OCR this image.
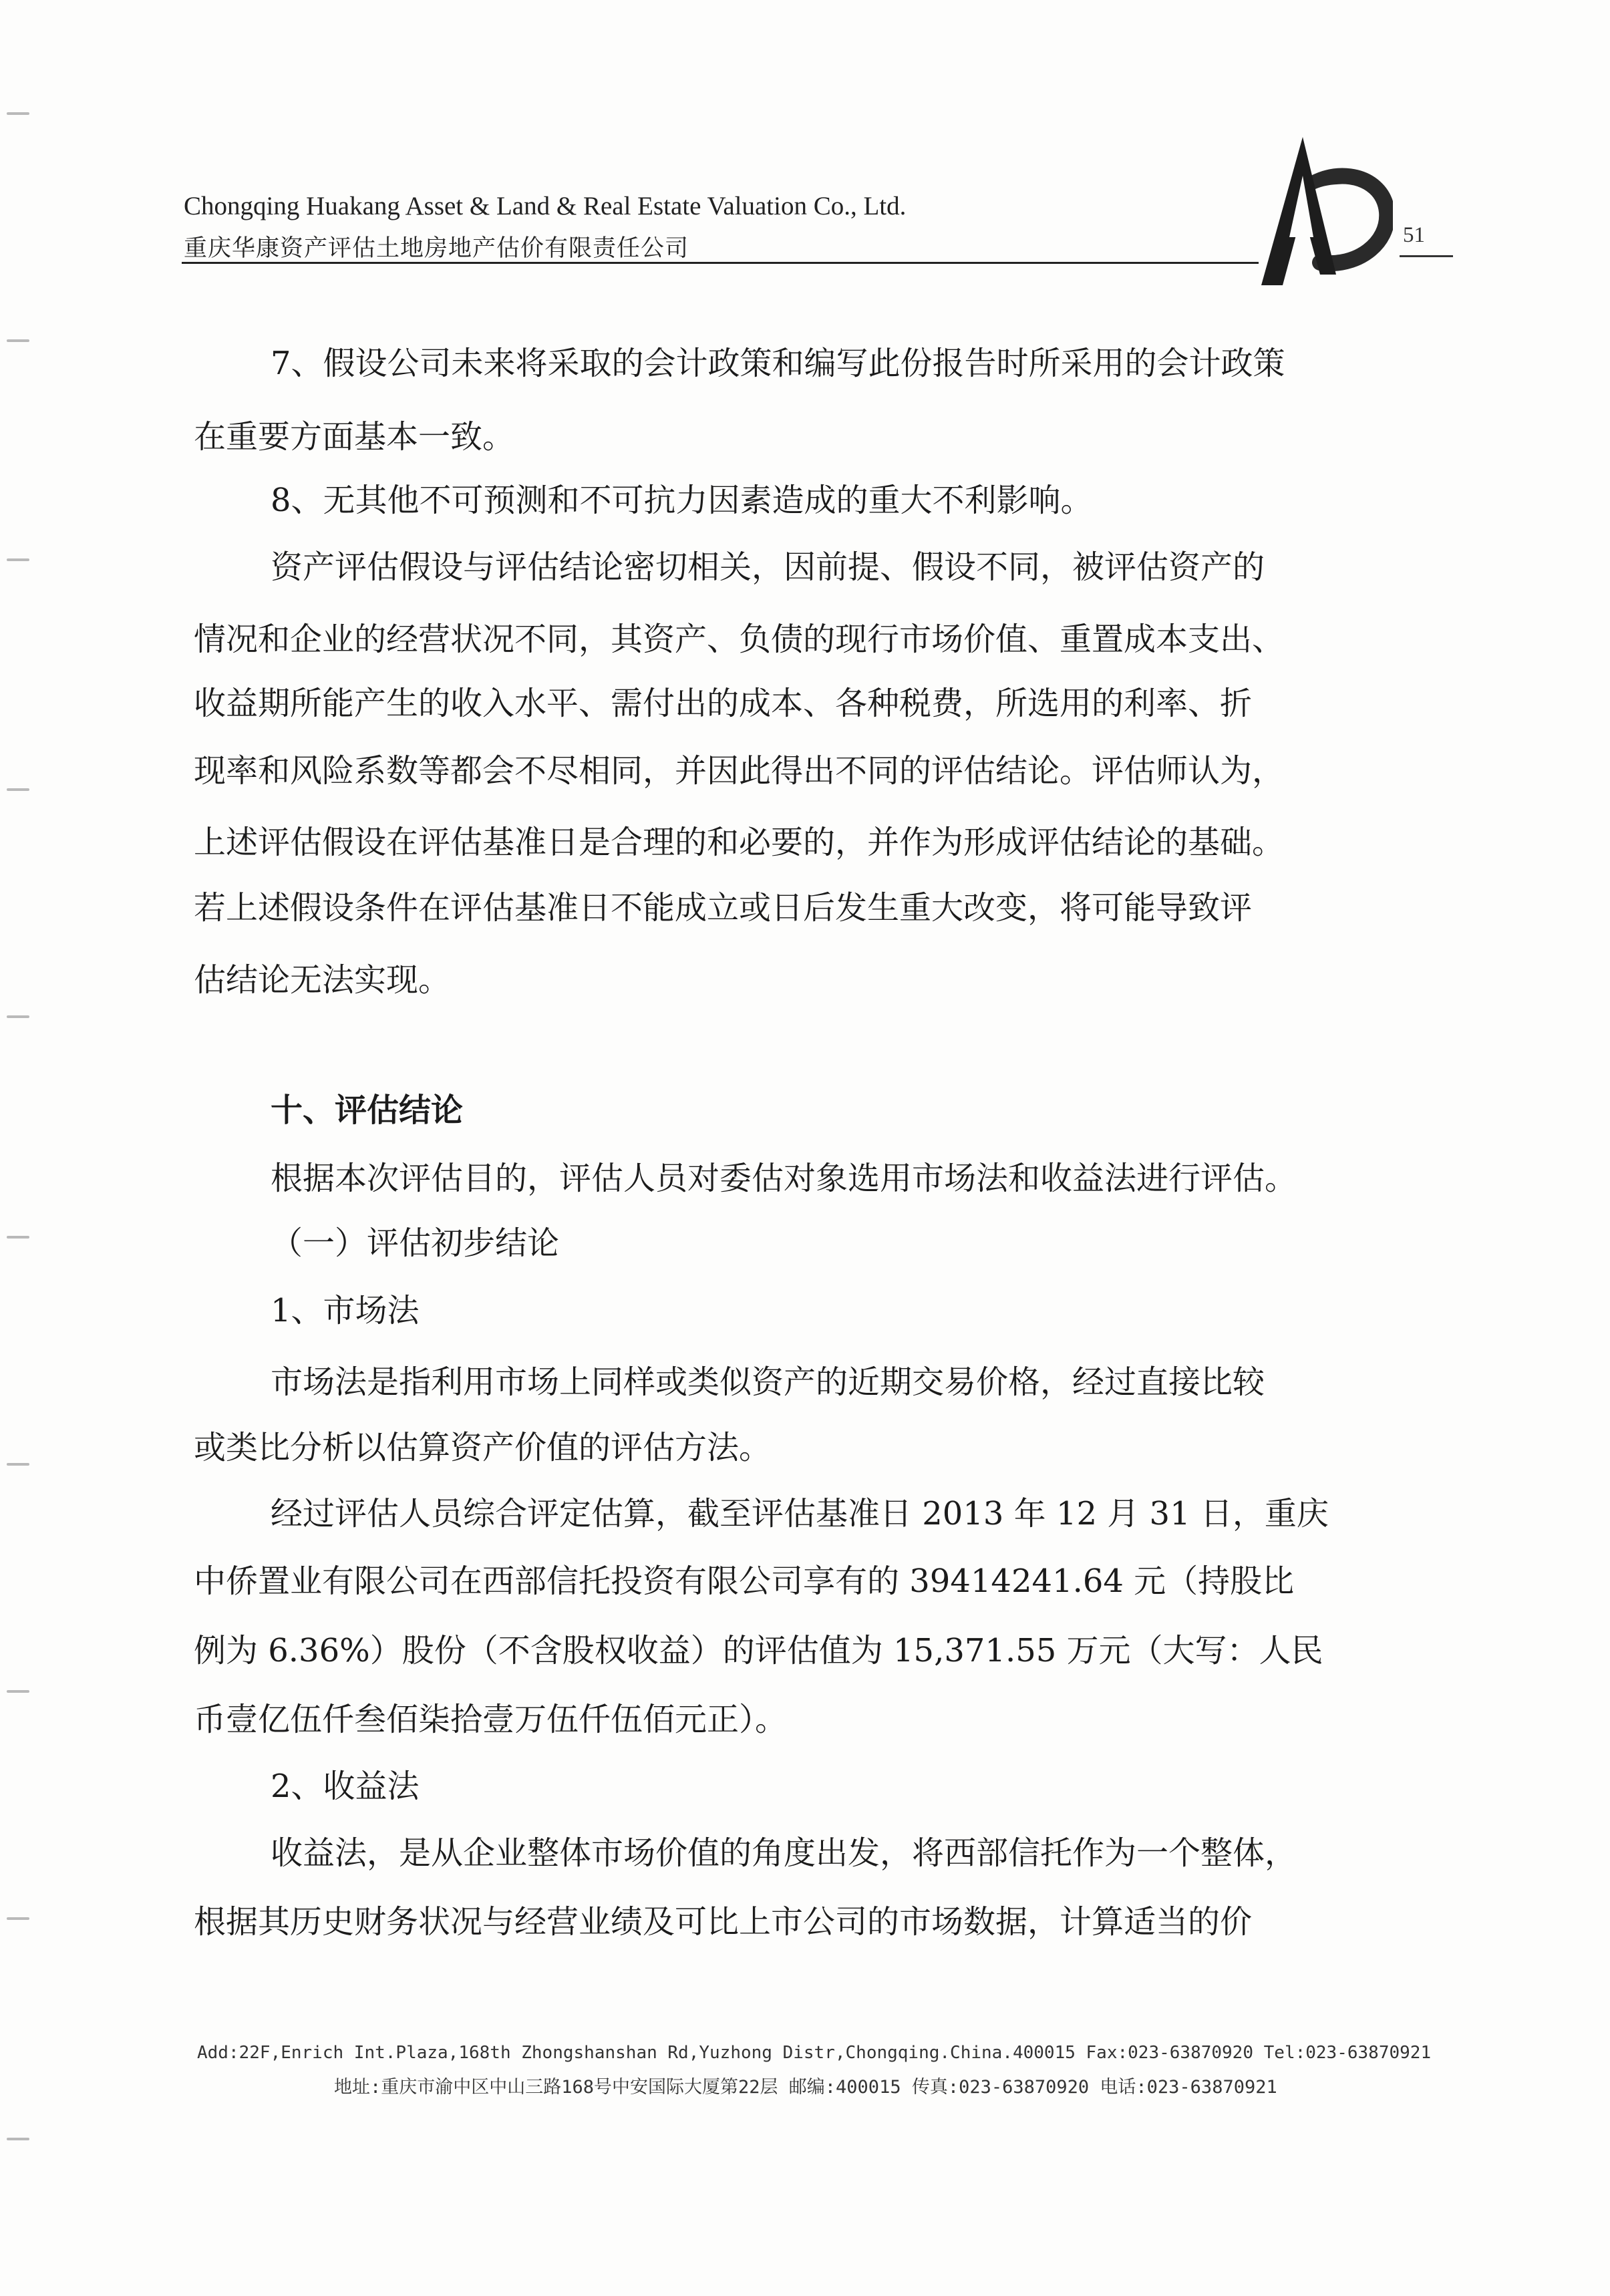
Chongqing Huakang Asset & Land & Real Estate Valuation Co., Ltd.
重庆华康资产评估土地房地产估价有限责任公司	51
7、假设公司未来将采取的会计政策和编写此份报告时所采用的会计政策
在重要方面基本一致。
8、无其他不可预测和不可抗力因素造成的重大不利影响。
资产评估假设与评估结论密切相关，因前提、假设不同，被评估资产的
情况和企业的经营状况不同，其资产、负债的现行市场价值、重置成本支出、
收益期所能产生的收入水平、需付出的成本、各种税费，所选用的利率、折
现率和风险系数等都会不尽相同，并因此得出不同的评估结论。评估师认为，
上述评估假设在评估基准日是合理的和必要的，并作为形成评估结论的基础。
若上述假设条件在评估基准日不能成立或日后发生重大改变，将可能导致评
估结论无法实现。
十、评估结论
根据本次评估目的，评估人员对委估对象选用市场法和收益法进行评估。
（一）评估初步结论
1、市场法
市场法是指利用市场上同样或类似资产的近期交易价格，经过直接比较
或类比分析以估算资产价值的评估方法。
经过评估人员综合评定估算，截至评估基准日 2013 年 12 月 31 日，重庆
中侨置业有限公司在西部信托投资有限公司享有的 39414241.64 元（持股比
例为 6.36%）股份（不含股权收益）的评估值为 15,371.55 万元（大写：人民
币壹亿伍仟叁佰柒拾壹万伍仟伍佰元正）。
2、收益法
收益法，是从企业整体市场价值的角度出发，将西部信托作为一个整体，
根据其历史财务状况与经营业绩及可比上市公司的市场数据，计算适当的价
Add:22F,Enrich Int.Plaza,168th Zhongshanshan Rd,Yuzhong Distr,Chongqing.China.400015 Fax:023-63870920 Tel:023-63870921
地址:重庆市渝中区中山三路168号中安国际大厦第22层 邮编:400015 传真:023-63870920 电话:023-63870921
